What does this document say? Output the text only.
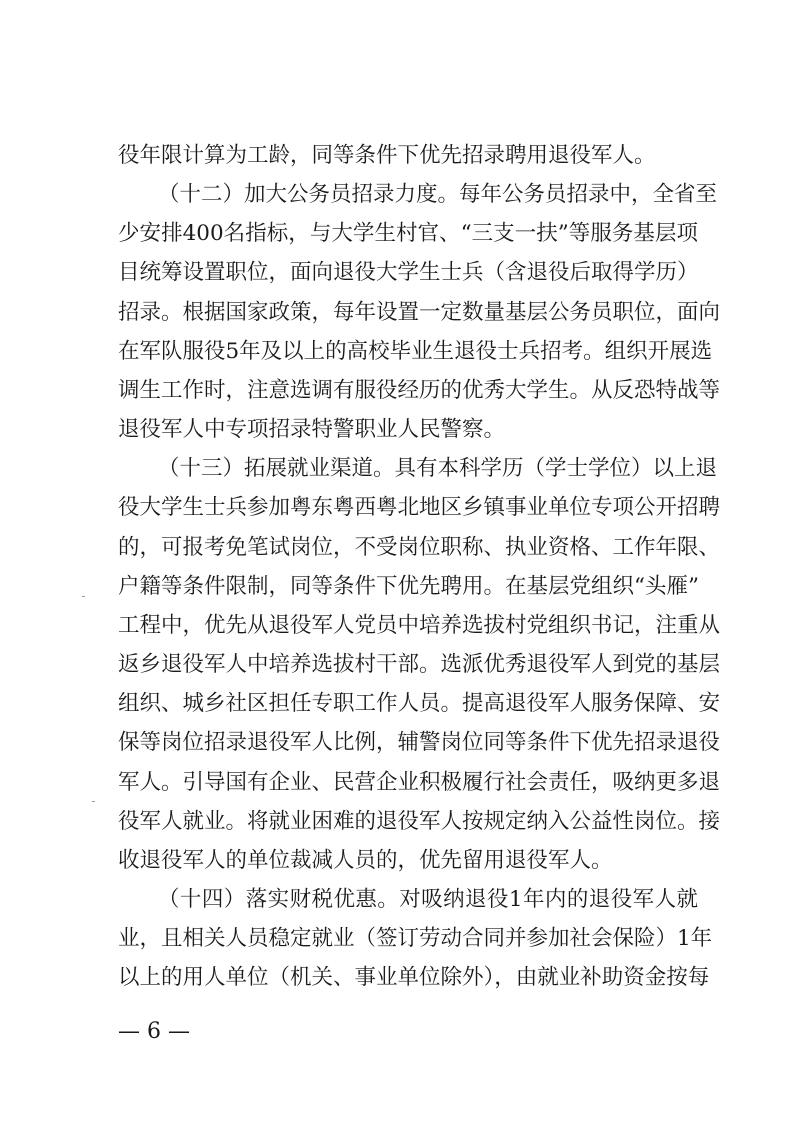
役年限计算为工龄，同等条件下优先招录聘用退役军人。
（十二）加大公务员招录力度。每年公务员招录中，全省至
少安排400名指标，与大学生村官、“三支一扶”等服务基层项
目统筹设置职位，面向退役大学生士兵（含退役后取得学历）
招录。根据国家政策，每年设置一定数量基层公务员职位，面向
在军队服役5年及以上的高校毕业生退役士兵招考。组织开展选
调生工作时，注意选调有服役经历的优秀大学生。从反恐特战等
退役军人中专项招录特警职业人民警察。
（十三）拓展就业渠道。具有本科学历（学士学位）以上退
役大学生士兵参加粤东粤西粤北地区乡镇事业单位专项公开招聘
的，可报考免笔试岗位，不受岗位职称、执业资格、工作年限、
户籍等条件限制，同等条件下优先聘用。在基层党组织“头雁”
工程中，优先从退役军人党员中培养选拔村党组织书记，注重从
返乡退役军人中培养选拔村干部。选派优秀退役军人到党的基层
组织、城乡社区担任专职工作人员。提高退役军人服务保障、安
保等岗位招录退役军人比例，辅警岗位同等条件下优先招录退役
军人。引导国有企业、民营企业积极履行社会责任，吸纳更多退
役军人就业。将就业困难的退役军人按规定纳入公益性岗位。接
收退役军人的单位裁减人员的，优先留用退役军人。
（十四）落实财税优惠。对吸纳退役1年内的退役军人就
业，且相关人员稳定就业（签订劳动合同并参加社会保险）1年
以上的用人单位（机关、事业单位除外），由就业补助资金按每
— 6 —
